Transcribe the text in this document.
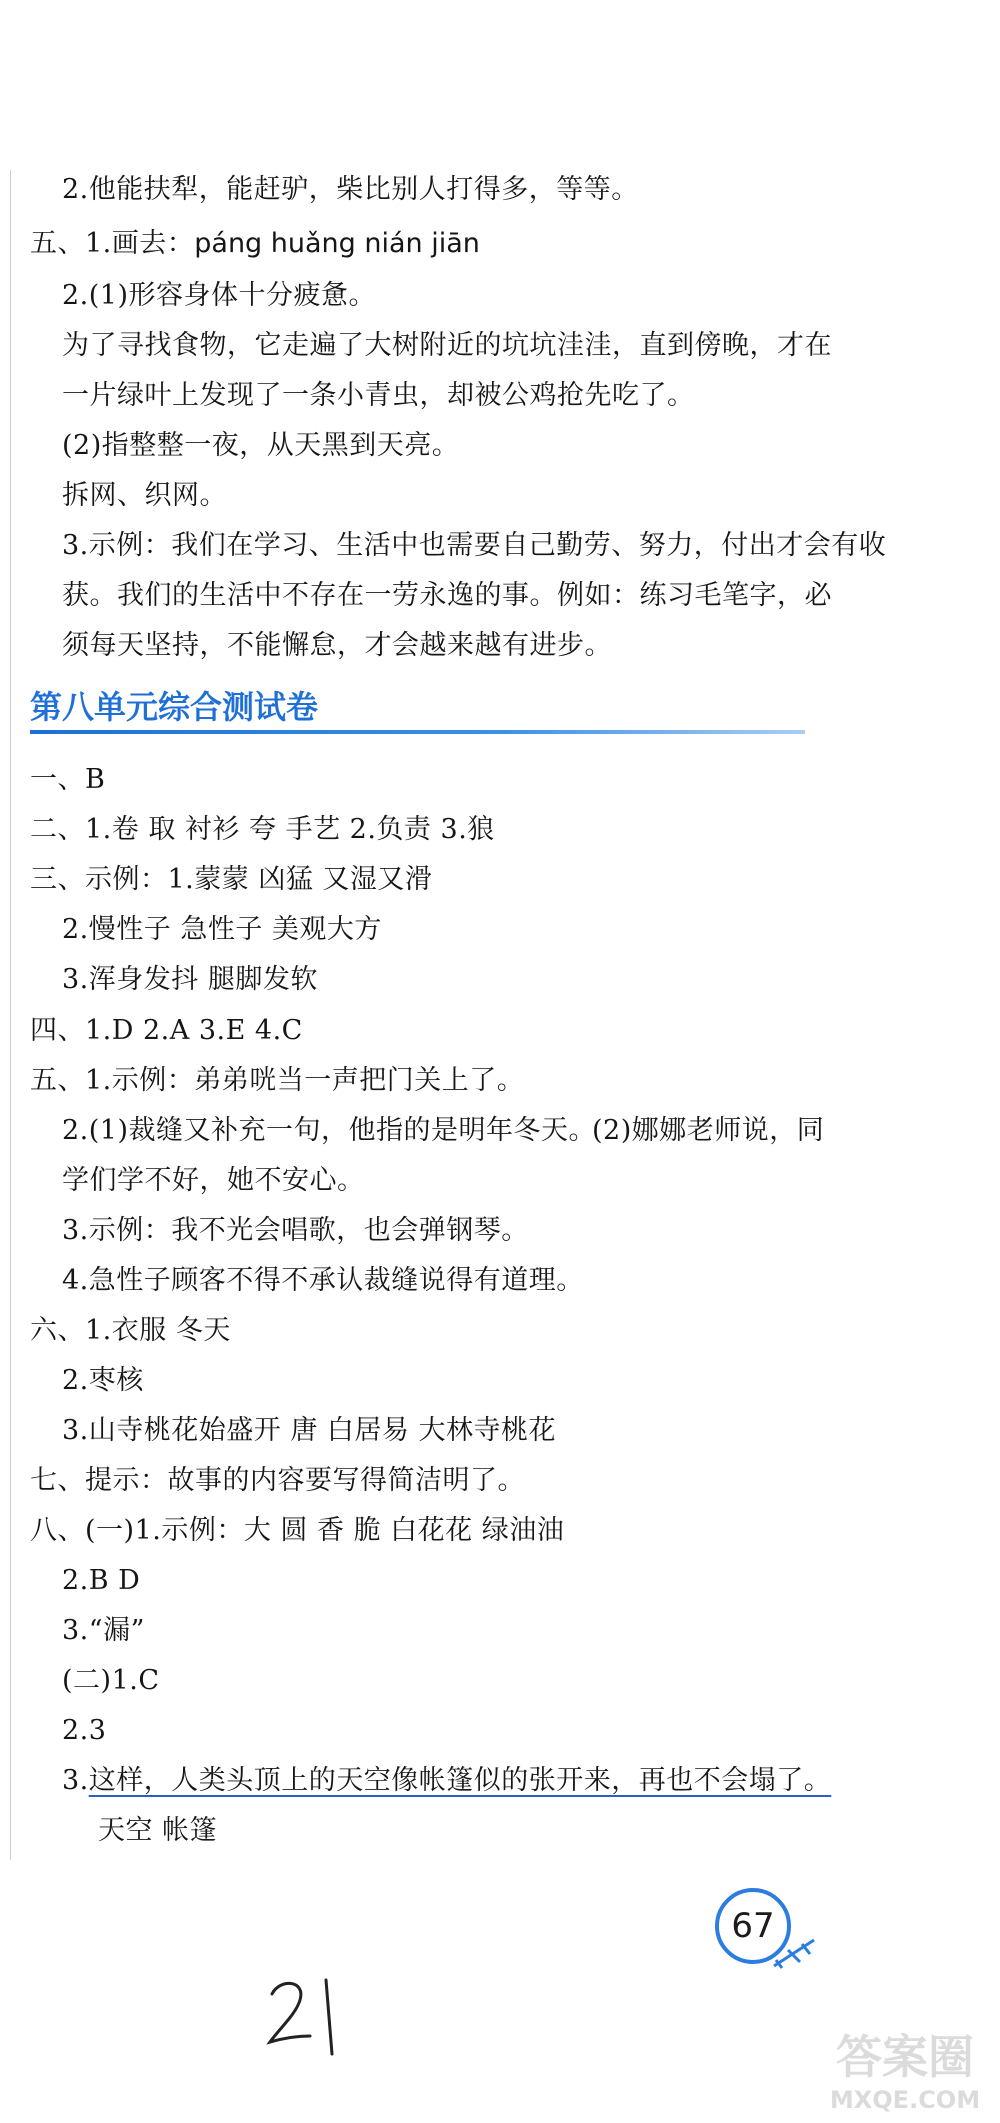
2.他能扶犁，能赶驴，柴比别人打得多，等等。
五、1.画去：páng huǎng nián jiān
2.(1)形容身体十分疲惫。
为了寻找食物，它走遍了大树附近的坑坑洼洼，直到傍晚，才在
一片绿叶上发现了一条小青虫，却被公鸡抢先吃了。
(2)指整整一夜，从天黑到天亮。
拆网、织网。
3.示例：我们在学习、生活中也需要自己勤劳、努力，付出才会有收
获。我们的生活中不存在一劳永逸的事。例如：练习毛笔字，必
须每天坚持，不能懈怠，才会越来越有进步。
第八单元综合测试卷
一、B
二、1.卷 取 衬衫 夸 手艺 2.负责 3.狼
三、示例：1.蒙蒙 凶猛 又湿又滑
2.慢性子 急性子 美观大方
3.浑身发抖 腿脚发软
四、1.D 2.A 3.E 4.C
五、1.示例：弟弟咣当一声把门关上了。
2.(1)裁缝又补充一句，他指的是明年冬天。
(2)娜娜老师说，同
学们学不好，她不安心。
3.示例：我不光会唱歌，也会弹钢琴。
4.急性子顾客不得不承认裁缝说得有道理。
六、1.衣服 冬天
2.枣核
3.山寺桃花始盛开 唐 白居易 大林寺桃花
七、提示：故事的内容要写得简洁明了。
八、(一)1.示例：大 圆 香 脆 白花花 绿油油
2.B D
3.“漏”
(二)1.C
2.3
3.这样，人类头顶上的天空像帐篷似的张开来，再也不会塌了。
天空 帐篷
67
答案圈
MXQE.COM
